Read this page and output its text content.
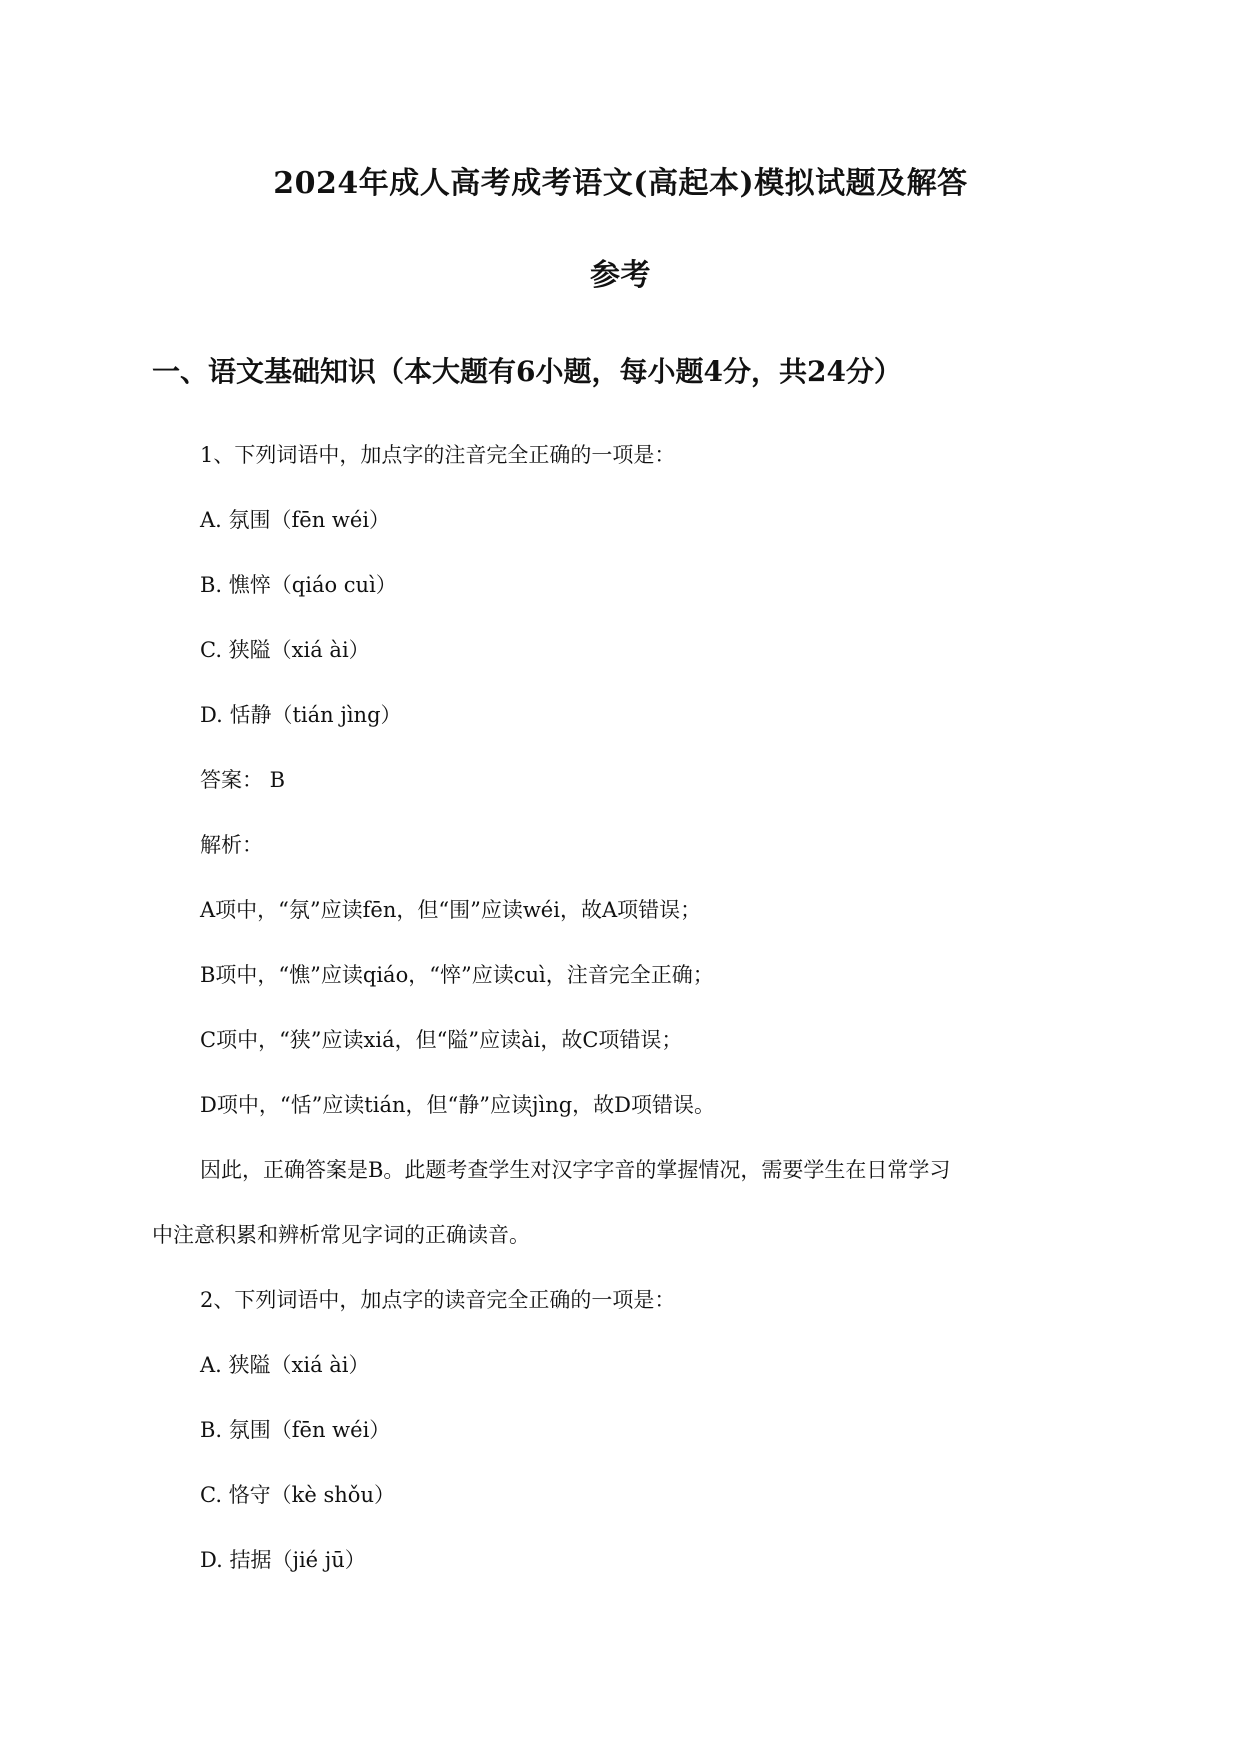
2024年成人高考成考语文(高起本)模拟试题及解答
参考
一、语文基础知识（本大题有6小题，每小题4分，共24分）
1、下列词语中，加点字的注音完全正确的一项是：
A. 氛围（fēn wéi）
B. 憔悴（qiáo cuì）
C. 狭隘（xiá ài）
D. 恬静（tián jìng）
答案： B
解析：
A项中，“氛”应读fēn，但“围”应读wéi，故A项错误；
B项中，“憔”应读qiáo，“悴”应读cuì，注音完全正确；
C项中，“狭”应读xiá，但“隘”应读ài，故C项错误；
D项中，“恬”应读tián，但“静”应读jìng，故D项错误。
因此，正确答案是B。此题考查学生对汉字字音的掌握情况，需要学生在日常学习
中注意积累和辨析常见字词的正确读音。
2、下列词语中，加点字的读音完全正确的一项是：
A. 狭隘（xiá ài）
B. 氛围（fēn wéi）
C. 恪守（kè shǒu）
D. 拮据（jié jū）
